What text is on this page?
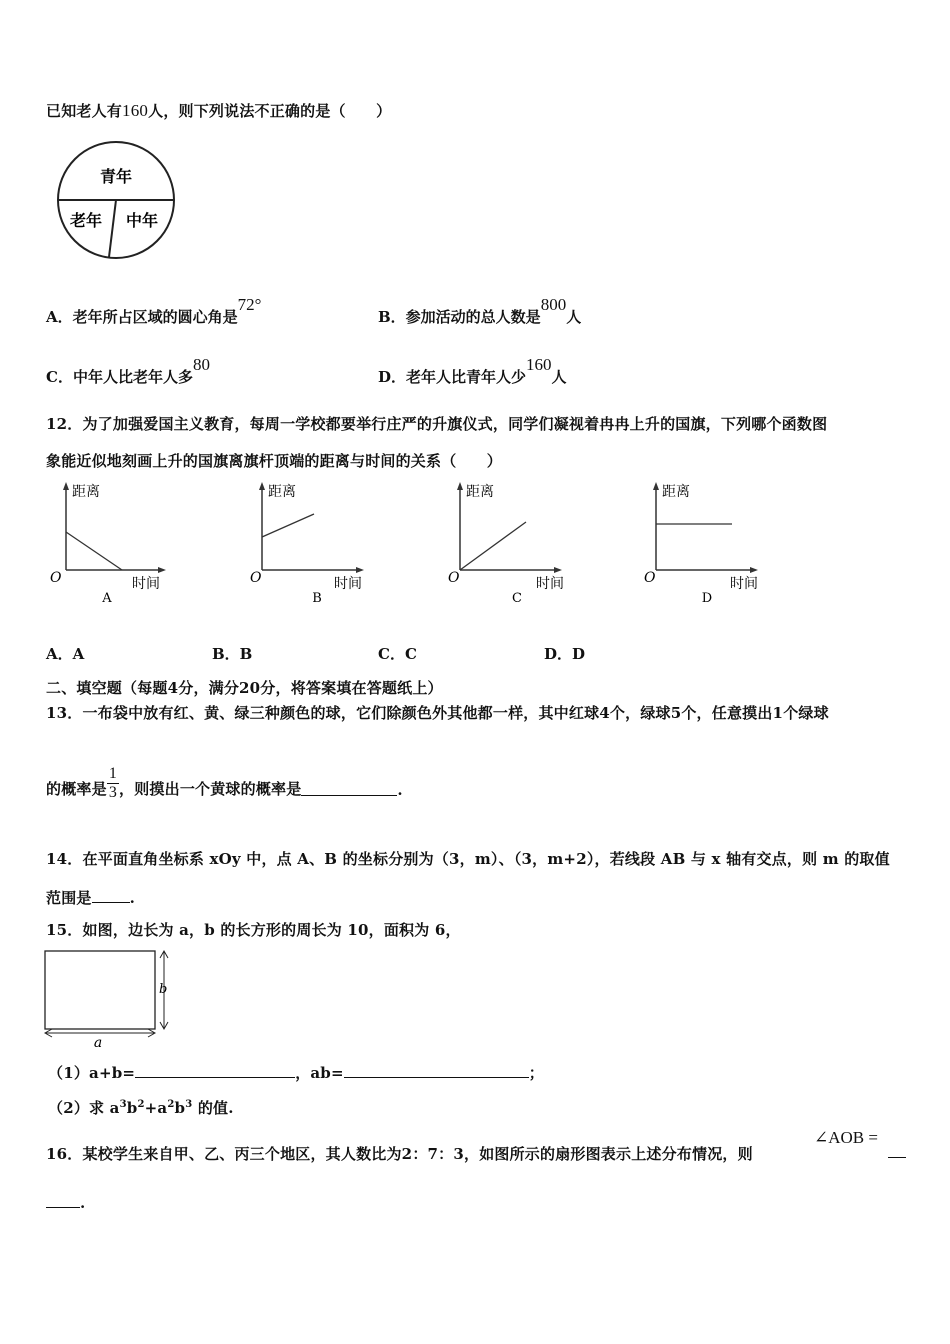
已知老人有160人，则下列说法不正确的是（　　）
青年
老年 中年
A．老年所占区域的圆心角是72°
B．参加活动的总人数是800人
C．中年人比老年人多80
D．老年人比青年人少160人
12．为了加强爱国主义教育，每周一学校都要举行庄严的升旗仪式，同学们凝视着冉冉上升的国旗，下列哪个函数图
象能近似地刻画上升的国旗离旗杆顶端的距离与时间的关系（　　）
距离
O	时间
A
距离
O	时间
B
距离
O	时间
C
距离
O	时间
D
A．A	B．B	C．C	D．D
二、填空题（每题4分，满分20分，将答案填在答题纸上）
13．一布袋中放有红、黄、绿三种颜色的球，它们除颜色外其他都一样，其中红球4个，绿球5个，任意摸出1个绿球
的概率是 $\frac{1}{3}$ ，则摸出一个黄球的概率是	.
14．在平面直角坐标系 xOy 中，点 A、B 的坐标分别为（3，m）、（3，m+2），若线段 AB 与 x 轴有交点，则 m 的取值
范围是	.
15．如图，边长为 a，b 的长方形的周长为 10，面积为 6，
b
a
（1）a+b=	，ab=	；
（2）求 $a^3b^2+a^2b^3$ 的值.
16．某校学生来自甲、乙、丙三个地区，其人数比为2：7：3，如图所示的扇形图表示上述分布情况，则
∠AOB =
.
